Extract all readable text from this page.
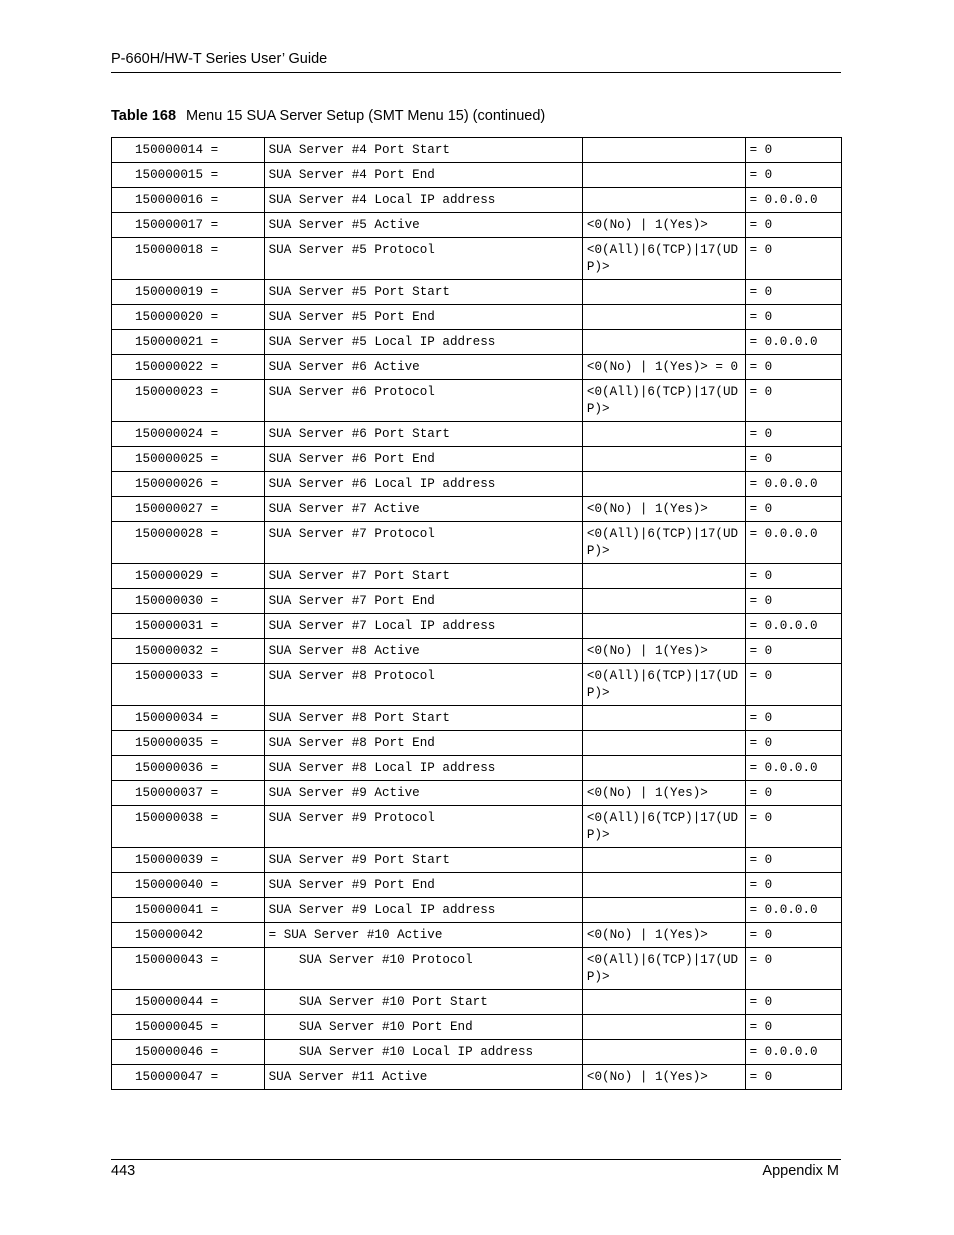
P-660H/HW-T Series User’ Guide
Table 168 Menu 15 SUA Server Setup (SMT Menu 15) (continued)
150000014 =	SUA Server #4 Port Start		= 0
150000015 =	SUA Server #4 Port End		= 0
150000016 =	SUA Server #4 Local IP address		= 0.0.0.0
150000017 =	SUA Server #5 Active	<0(No) | 1(Yes)>	= 0
150000018 =	SUA Server #5 Protocol	<0(All)|6(TCP)|17(UDP)>	= 0
150000019 =	SUA Server #5 Port Start		= 0
150000020 =	SUA Server #5 Port End		= 0
150000021 =	SUA Server #5 Local IP address		= 0.0.0.0
150000022 =	SUA Server #6 Active	<0(No) | 1(Yes)> = 0	= 0
150000023 =	SUA Server #6 Protocol	<0(All)|6(TCP)|17(UDP)>	= 0
150000024 =	SUA Server #6 Port Start		= 0
150000025 =	SUA Server #6 Port End		= 0
150000026 =	SUA Server #6 Local IP address		= 0.0.0.0
150000027 =	SUA Server #7 Active	<0(No) | 1(Yes)>	= 0
150000028 =	SUA Server #7 Protocol	<0(All)|6(TCP)|17(UDP)>	= 0.0.0.0
150000029 =	SUA Server #7 Port Start		= 0
150000030 =	SUA Server #7 Port End		= 0
150000031 =	SUA Server #7 Local IP address		= 0.0.0.0
150000032 =	SUA Server #8 Active	<0(No) | 1(Yes)>	= 0
150000033 =	SUA Server #8 Protocol	<0(All)|6(TCP)|17(UDP)>	= 0
150000034 =	SUA Server #8 Port Start		= 0
150000035 =	SUA Server #8 Port End		= 0
150000036 =	SUA Server #8 Local IP address		= 0.0.0.0
150000037 =	SUA Server #9 Active	<0(No) | 1(Yes)>	= 0
150000038 =	SUA Server #9 Protocol	<0(All)|6(TCP)|17(UDP)>	= 0
150000039 =	SUA Server #9 Port Start		= 0
150000040 =	SUA Server #9 Port End		= 0
150000041 =	SUA Server #9 Local IP address		= 0.0.0.0
150000042	= SUA Server #10 Active	<0(No) | 1(Yes)>	= 0
150000043 =	SUA Server #10 Protocol	<0(All)|6(TCP)|17(UDP)>	= 0
150000044 =	SUA Server #10 Port Start		= 0
150000045 =	SUA Server #10 Port End		= 0
150000046 =	SUA Server #10 Local IP address		= 0.0.0.0
150000047 =	SUA Server #11 Active	<0(No) | 1(Yes)>	= 0
443	Appendix M
